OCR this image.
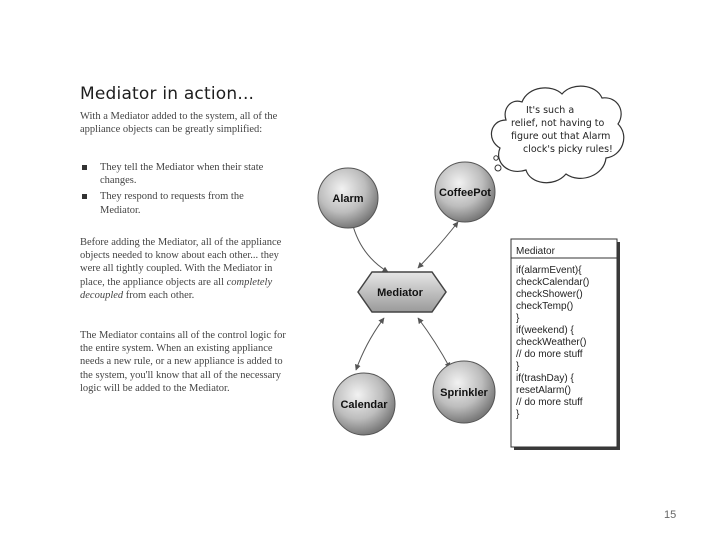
Mediator in action...
With a Mediator added to the system, all of the appliance objects can be greatly simplified:
They tell the Mediator when their state changes.
They respond to requests from the Mediator.
Before adding the Mediator, all of the appliance objects needed to know about each other... they were all tightly coupled. With the Mediator in place, the appliance objects are all completely decoupled from each other.
The Mediator contains all of the control logic for the entire system. When an existing appliance needs a new rule, or a new appliance is added to the system, you'll know that all of the necessary logic will be added to the Mediator.
It's such a
relief, not having to
figure out that Alarm
clock's picky rules!
Alarm	CoffeePot
Mediator
Calendar
Sprinkler
Mediator
if(alarmEvent){
checkCalendar()
checkShower()
checkTemp()
}
if(weekend) {
checkWeather()
// do more stuff
}
if(trashDay) {
resetAlarm()
// do more stuff
}
15
